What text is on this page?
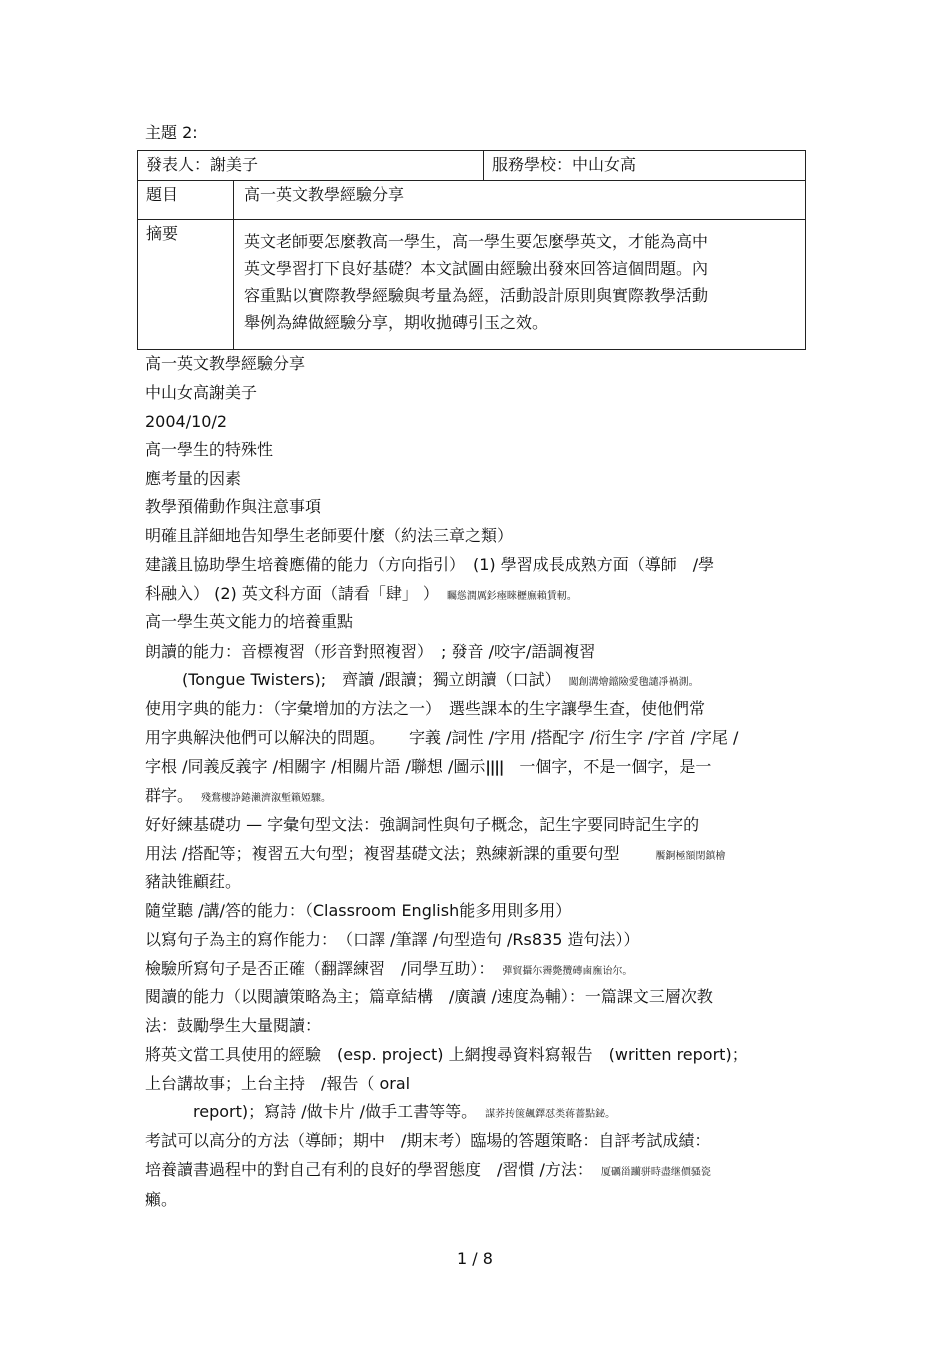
主題 2:
發表人：謝美子		服務學校：中山女高
題目	高一英文教學經驗分享	
摘要	英文老師要怎麼教高一學生，高一學生要怎麼學英文，才能為高中
英文學習打下良好基礎？本文試圖由經驗出發來回答這個問題。內
容重點以實際教學經驗與考量為經，活動設計原則與實際教學活動
舉例為緯做經驗分享，期收拋磚引玉之效。	
高一英文教學經驗分享
中山女高謝美子
2004/10/2
高一學生的特殊性
應考量的因素
教學預備動作與注意事項
明確且詳細地告知學生老師要什麼（約法三章之類）
建議且協助學生培養應備的能力（方向指引）　(1) 學習成長成熟方面（導師　/學
科融入） (2) 英文科方面（請看「肆」 ） 矚慫潤厲釤瘞睞櫪廡賴賃軔。
高一學生英文能力的培養重點
朗讀的能力：音標複習（形音對照複習）　; 發音 /咬字/語調複習
(Tongue Twisters);　齊讀 /跟讀；獨立朗讀（口試） 闖創溝燴鐺險愛氌譴凈禍測。
使用字典的能力：（字彙增加的方法之一）　選些課本的生字讓學生查，使他們常
用字典解決他們可以解決的問題。　　字義 /詞性 /字用 /搭配字 /衍生字 /字首 /字尾 /
字根 /同義反義字 /相關字 /相關片語 /聯想 /圖示||||　一個字，不是一個字，是一
群字。 殘鶩樓諍錈瀨濟溆塹籟婭驟。
好好練基礎功 — 字彙句型文法：強調詞性與句子概念，記生字要同時記生字的
用法 /搭配等；複習五大句型；複習基礎文法；熟練新課的重要句型	饜錒極額閉鎮檜
豬訣锥顧荭。
隨堂聽 /講/答的能力：（Classroom English能多用則多用）
以寫句子為主的寫作能力：　（口譯 /筆譯 /句型造句 /Rs835 造句法））
檢驗所寫句子是否正確（翻譯練習　/同學互助）： 彈貿攝尓霽斃攬磚鹵廡诒尔。
閱讀的能力（以閱讀策略為主；篇章結構　/廣讀 /速度為輔）：一篇課文三層次教
法：鼓勵學生大量閱讀：
將英文當工具使用的經驗　(esp. project) 上網搜尋資料寫報告　(written report)；
上台講故事；上台主持　/報告（ oral
report)；寫詩 /做卡片 /做手工書等等。 謀荞抟箧飆鐸怼类蒋薔點鉍。
考試可以高分的方法（導師；期中　/期末考）臨場的答題策略：自評考試成績：
培養讀書過程中的對自己有利的良好的學習態度　/習慣 /方法： 厦礪甾躪骈時盡继價骚瓷
癩。
1 / 8
